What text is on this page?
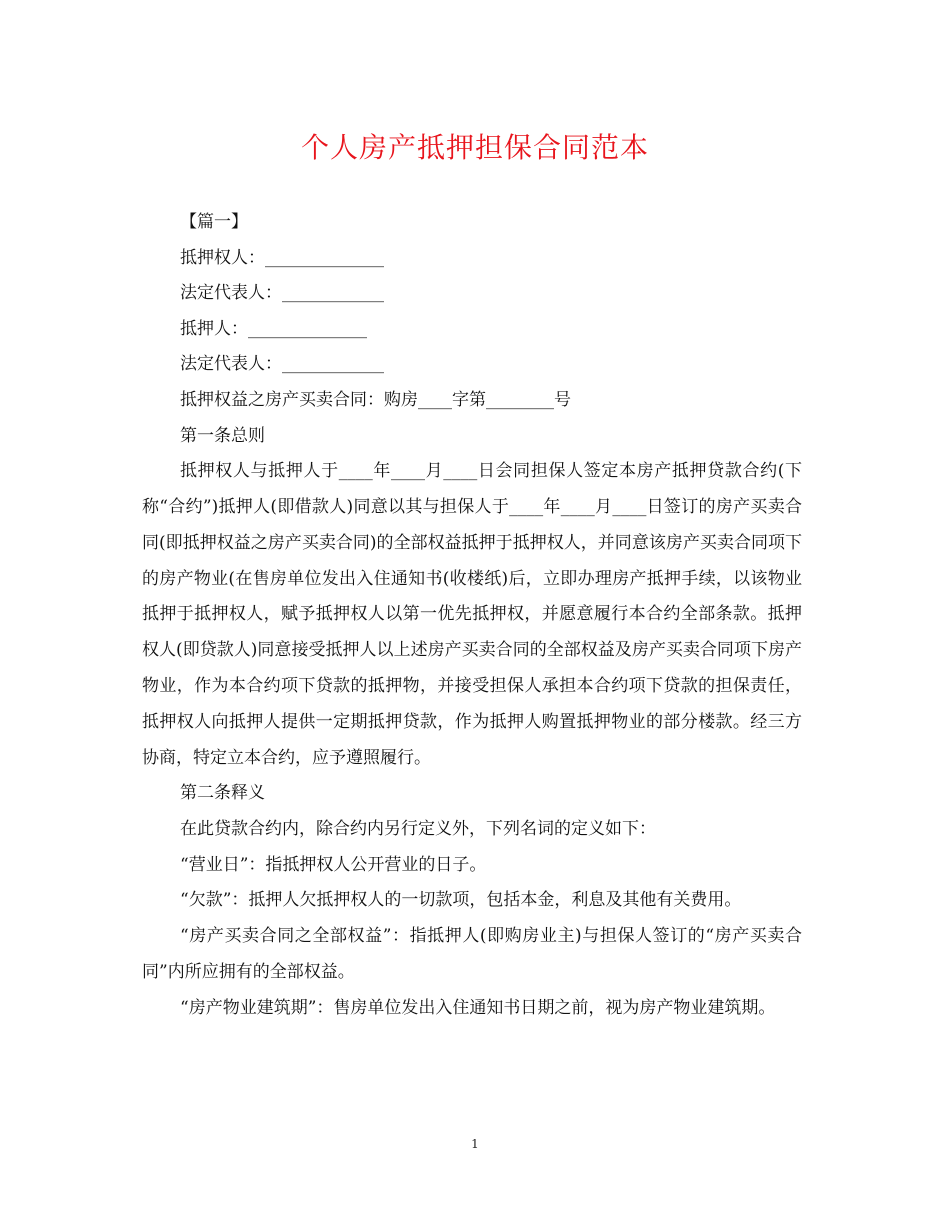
个人房产抵押担保合同范本
【篇一】
抵押权人：______________
法定代表人：____________
抵押人：______________
法定代表人：____________
抵押权益之房产买卖合同：购房____字第________号
第一条总则
抵押权人与抵押人于____年____月____日会同担保人签定本房产抵押贷款合约(下称“合约”)抵押人(即借款人)同意以其与担保人于____年____月____日签订的房产买卖合同(即抵押权益之房产买卖合同)的全部权益抵押于抵押权人，并同意该房产买卖合同项下的房产物业(在售房单位发出入住通知书(收楼纸)后，立即办理房产抵押手续，以该物业抵押于抵押权人，赋予抵押权人以第一优先抵押权，并愿意履行本合约全部条款。抵押权人(即贷款人)同意接受抵押人以上述房产买卖合同的全部权益及房产买卖合同项下房产物业，作为本合约项下贷款的抵押物，并接受担保人承担本合约项下贷款的担保责任，抵押权人向抵押人提供一定期抵押贷款，作为抵押人购置抵押物业的部分楼款。经三方协商，特定立本合约，应予遵照履行。
第二条释义
在此贷款合约内，除合约内另行定义外，下列名词的定义如下：
“营业日”：指抵押权人公开营业的日子。
“欠款”：抵押人欠抵押权人的一切款项，包括本金，利息及其他有关费用。
“房产买卖合同之全部权益”：指抵押人(即购房业主)与担保人签订的“房产买卖合同”内所应拥有的全部权益。
“房产物业建筑期”：售房单位发出入住通知书日期之前，视为房产物业建筑期。
1
